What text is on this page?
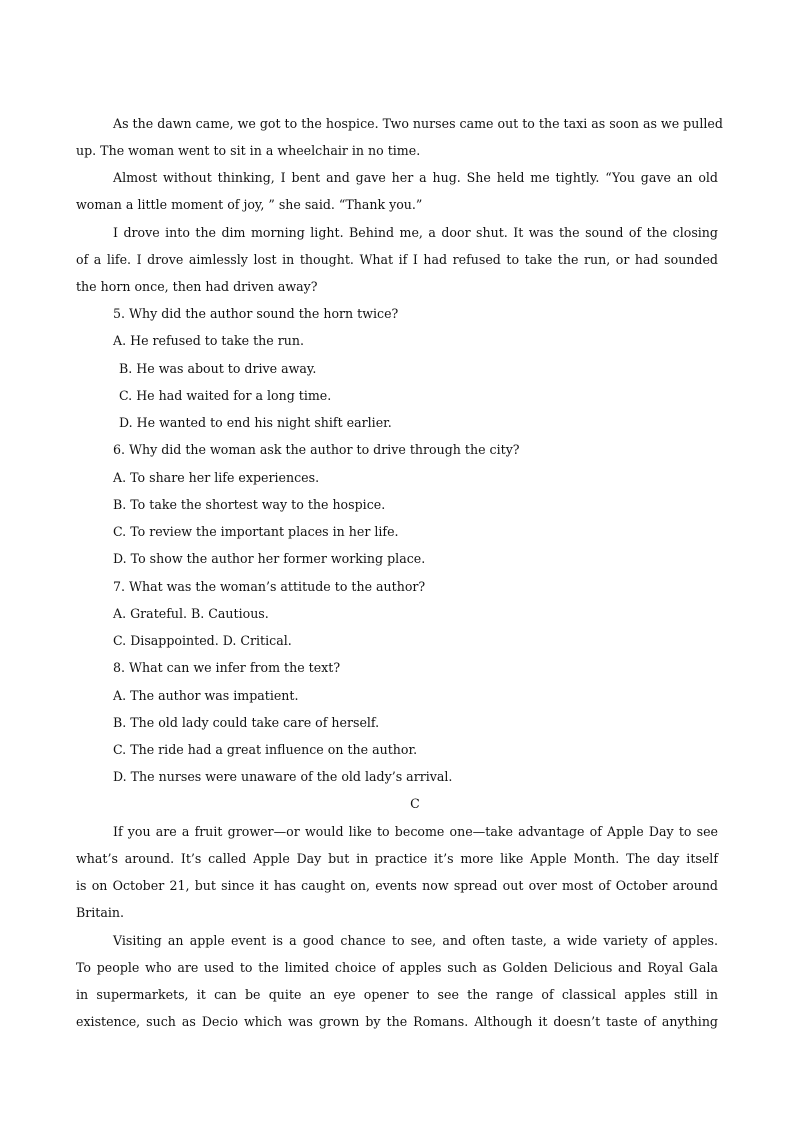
As the dawn came, we got to the hospice. Two nurses came out to the taxi as soon as we pulled
up. The woman went to sit in a wheelchair in no time.
Almost without thinking, I bent and gave her a hug. She held me tightly. “You gave an old
woman a little moment of joy, ” she said. “Thank you.”
I drove into the dim morning light. Behind me, a door shut. It was the sound of the closing
of a life. I drove aimlessly lost in thought. What if I had refused to take the run, or had sounded
the horn once, then had driven away?
5. Why did the author sound the horn twice?
A. He refused to take the run.
B. He was about to drive away.
C. He had waited for a long time.
D. He wanted to end his night shift earlier.
6. Why did the woman ask the author to drive through the city?
A. To share her life experiences.
B. To take the shortest way to the hospice.
C. To review the important places in her life.
D. To show the author her former working place.
7. What was the woman’s attitude to the author?
A. Grateful. B. Cautious.
C. Disappointed. D. Critical.
8. What can we infer from the text?
A. The author was impatient.
B. The old lady could take care of herself.
C. The ride had a great influence on the author.
D. The nurses were unaware of the old lady’s arrival.
C
If you are a fruit grower—or would like to become one—take advantage of Apple Day to see
what’s around. It’s called Apple Day but in practice it’s more like Apple Month. The day itself
is on October 21, but since it has caught on, events now spread out over most of October around
Britain.
Visiting an apple event is a good chance to see, and often taste, a wide variety of apples.
To people who are used to the limited choice of apples such as Golden Delicious and Royal Gala
in supermarkets, it can be quite an eye opener to see the range of classical apples still in
existence, such as Decio which was grown by the Romans. Although it doesn’t taste of anything
